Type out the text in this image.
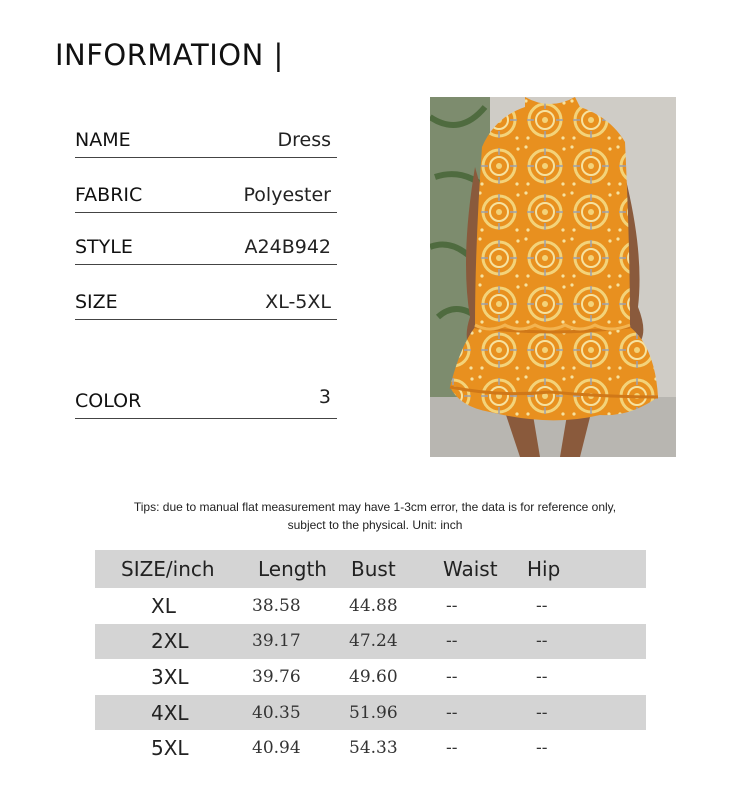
INFORMATION |
NAME	Dress
FABRIC	Polyester
STYLE	A24B942
SIZE	XL-5XL
COLOR	3
Tips: due to manual flat measurement may have 1-3cm error, the data is for reference only,
subject to the physical. Unit: inch
SIZE/inch	Length	Bust	Waist	Hip
XL	38.58	44.88	--	--
2XL	39.17	47.24	--	--
3XL	39.76	49.60	--	--
4XL	40.35	51.96	--	--
5XL	40.94	54.33	--	--
